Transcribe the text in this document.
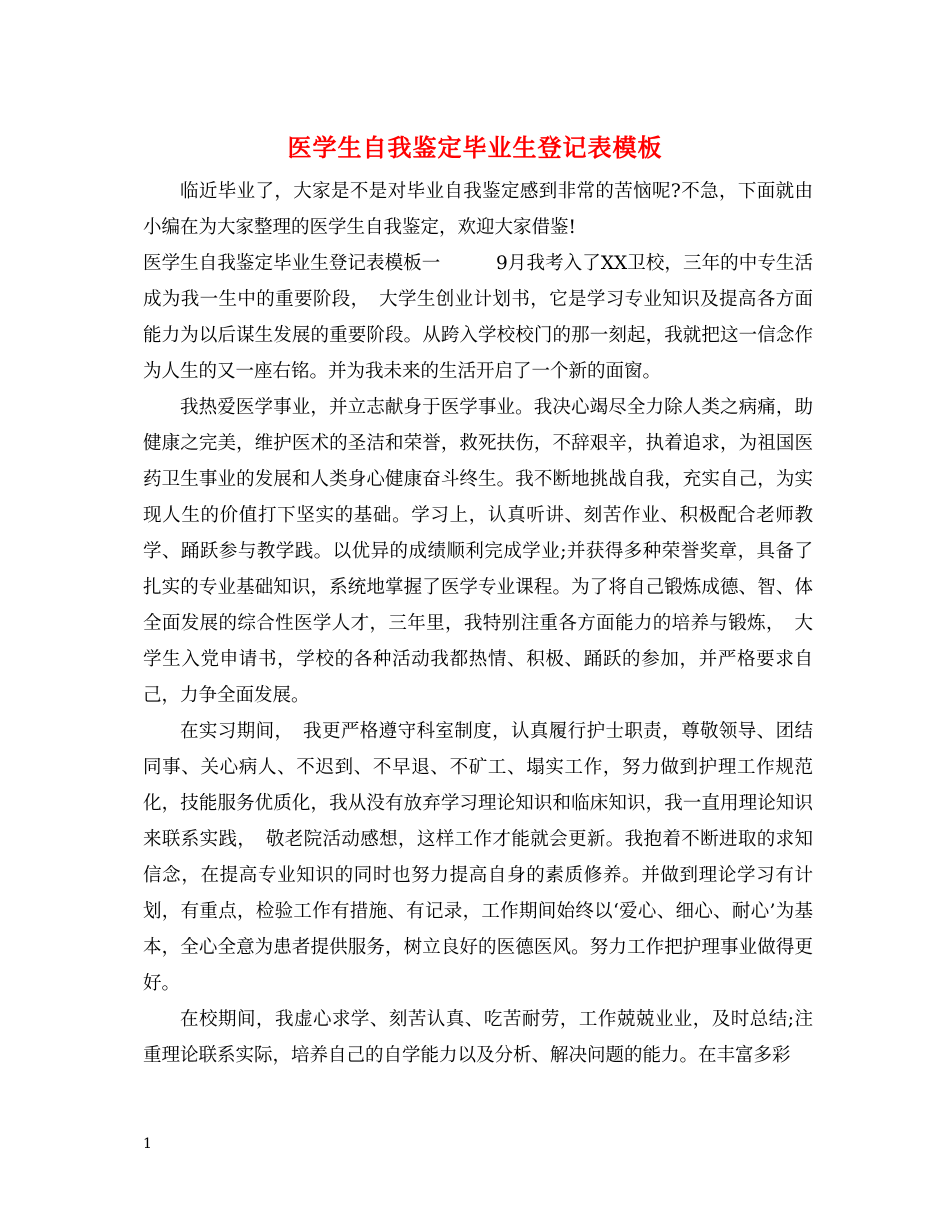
医学生自我鉴定毕业生登记表模板

临近毕业了，大家是不是对毕业自我鉴定感到非常的苦恼呢?不急，下面就由小编在为大家整理的医学生自我鉴定，欢迎大家借鉴!

医学生自我鉴定毕业生登记表模板一　　　9月我考入了XX卫校，三年的中专生活成为我一生中的重要阶段，　大学生创业计划书，它是学习专业知识及提高各方面能力为以后谋生发展的重要阶段。从跨入学校校门的那一刻起，我就把这一信念作为人生的又一座右铭。并为我未来的生活开启了一个新的面窗。

我热爱医学事业，并立志献身于医学事业。我决心竭尽全力除人类之病痛，助健康之完美，维护医术的圣洁和荣誉，救死扶伤，不辞艰辛，执着追求，为祖国医药卫生事业的发展和人类身心健康奋斗终生。我不断地挑战自我，充实自己，为实现人生的价值打下坚实的基础。学习上，认真听讲、刻苦作业、积极配合老师教学、踊跃参与教学践。以优异的成绩顺利完成学业;并获得多种荣誉奖章，具备了扎实的专业基础知识，系统地掌握了医学专业课程。为了将自己锻炼成德、智、体全面发展的综合性医学人才，三年里，我特别注重各方面能力的培养与锻炼，　大学生入党申请书，学校的各种活动我都热情、积极、踊跃的参加，并严格要求自己，力争全面发展。

在实习期间，　我更严格遵守科室制度，认真履行护士职责，尊敬领导、团结同事、关心病人、不迟到、不早退、不矿工、塌实工作，努力做到护理工作规范化，技能服务优质化，我从没有放弃学习理论知识和临床知识，我一直用理论知识来联系实践，　敬老院活动感想，这样工作才能就会更新。我抱着不断进取的求知信念，在提高专业知识的同时也努力提高自身的素质修养。并做到理论学习有计划，有重点，检验工作有措施、有记录，工作期间始终以‘爱心、细心、耐心’为基本，全心全意为患者提供服务，树立良好的医德医风。努力工作把护理事业做得更好。

在校期间，我虚心求学、刻苦认真、吃苦耐劳，工作兢兢业业，及时总结;注重理论联系实际，培养自己的自学能力以及分析、解决问题的能力。在丰富多彩

1
